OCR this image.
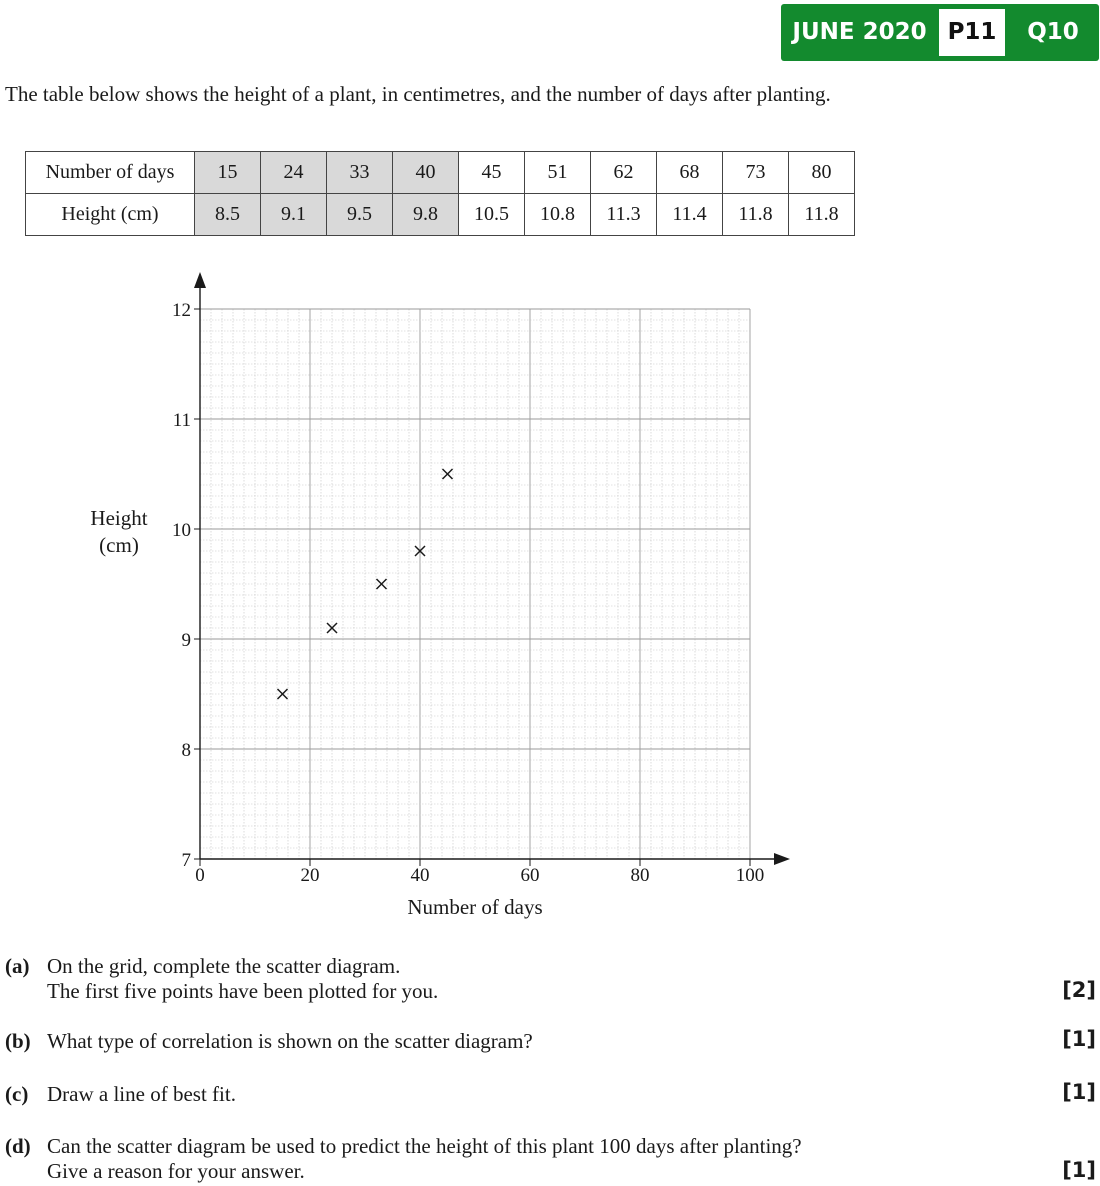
JUNE 2020 P11	Q10
The table below shows the height of a plant, in centimetres, and the number of days after planting.
Number of days	15	24	33	40	45	51	62	68	73	80
Height (cm)	8.5	9.1	9.5	9.8	10.5	10.8	11.3	11.4	11.8	11.8
0	20	40	60	80	100
7
8
9
10
11
12
Height
(cm)
Number of days
(a) On the grid, complete the scatter diagram.
The first five points have been plotted for you.	[2]
(b) What type of correlation is shown on the scatter diagram?	[1]
(c) Draw a line of best fit.	[1]
(d) Can the scatter diagram be used to predict the height of this plant 100 days after planting?
Give a reason for your answer.	[1]
